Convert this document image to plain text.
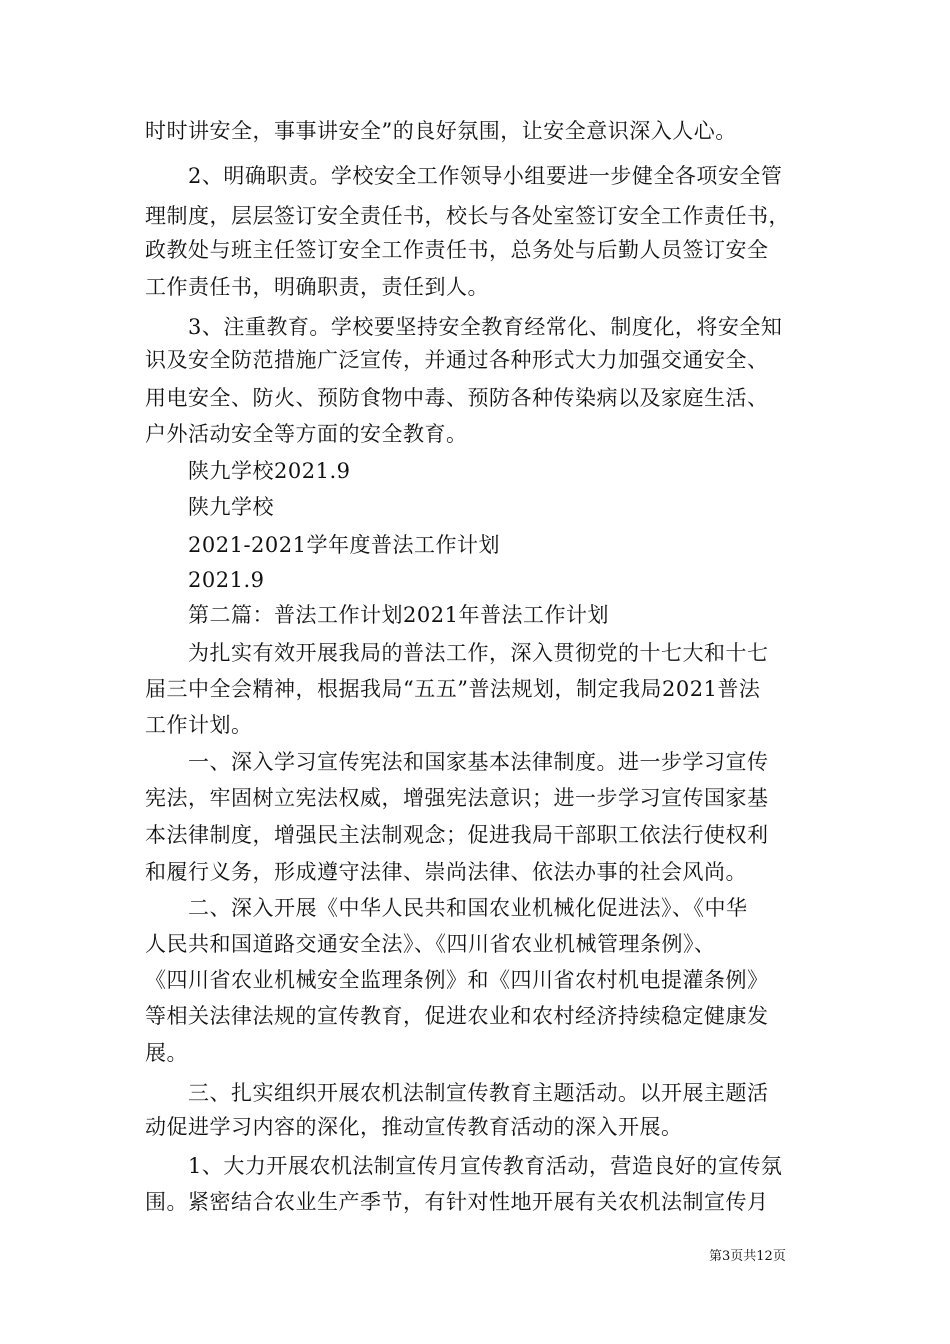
时时讲安全，事事讲安全”的良好氛围，让安全意识深入人心。
2、明确职责。学校安全工作领导小组要进一步健全各项安全管
理制度，层层签订安全责任书，校长与各处室签订安全工作责任书，
政教处与班主任签订安全工作责任书，总务处与后勤人员签订安全
工作责任书，明确职责，责任到人。
3、注重教育。学校要坚持安全教育经常化、制度化，将安全知
识及安全防范措施广泛宣传，并通过各种形式大力加强交通安全、
用电安全、防火、预防食物中毒、预防各种传染病以及家庭生活、
户外活动安全等方面的安全教育。
陕九学校2021.9
陕九学校
2021-2021学年度普法工作计划
2021.9
第二篇：普法工作计划2021年普法工作计划
为扎实有效开展我局的普法工作，深入贯彻党的十七大和十七
届三中全会精神，根据我局“五五”普法规划，制定我局2021普法
工作计划。
一、深入学习宣传宪法和国家基本法律制度。进一步学习宣传
宪法，牢固树立宪法权威，增强宪法意识；进一步学习宣传国家基
本法律制度，增强民主法制观念；促进我局干部职工依法行使权利
和履行义务，形成遵守法律、崇尚法律、依法办事的社会风尚。
二、深入开展《中华人民共和国农业机械化促进法》、《中华
人民共和国道路交通安全法》、《四川省农业机械管理条例》、
《四川省农业机械安全监理条例》和《四川省农村机电提灌条例》
等相关法律法规的宣传教育，促进农业和农村经济持续稳定健康发
展。
三、扎实组织开展农机法制宣传教育主题活动。以开展主题活
动促进学习内容的深化，推动宣传教育活动的深入开展。
1、大力开展农机法制宣传月宣传教育活动，营造良好的宣传氛
围。紧密结合农业生产季节，有针对性地开展有关农机法制宣传月
第3页共12页
